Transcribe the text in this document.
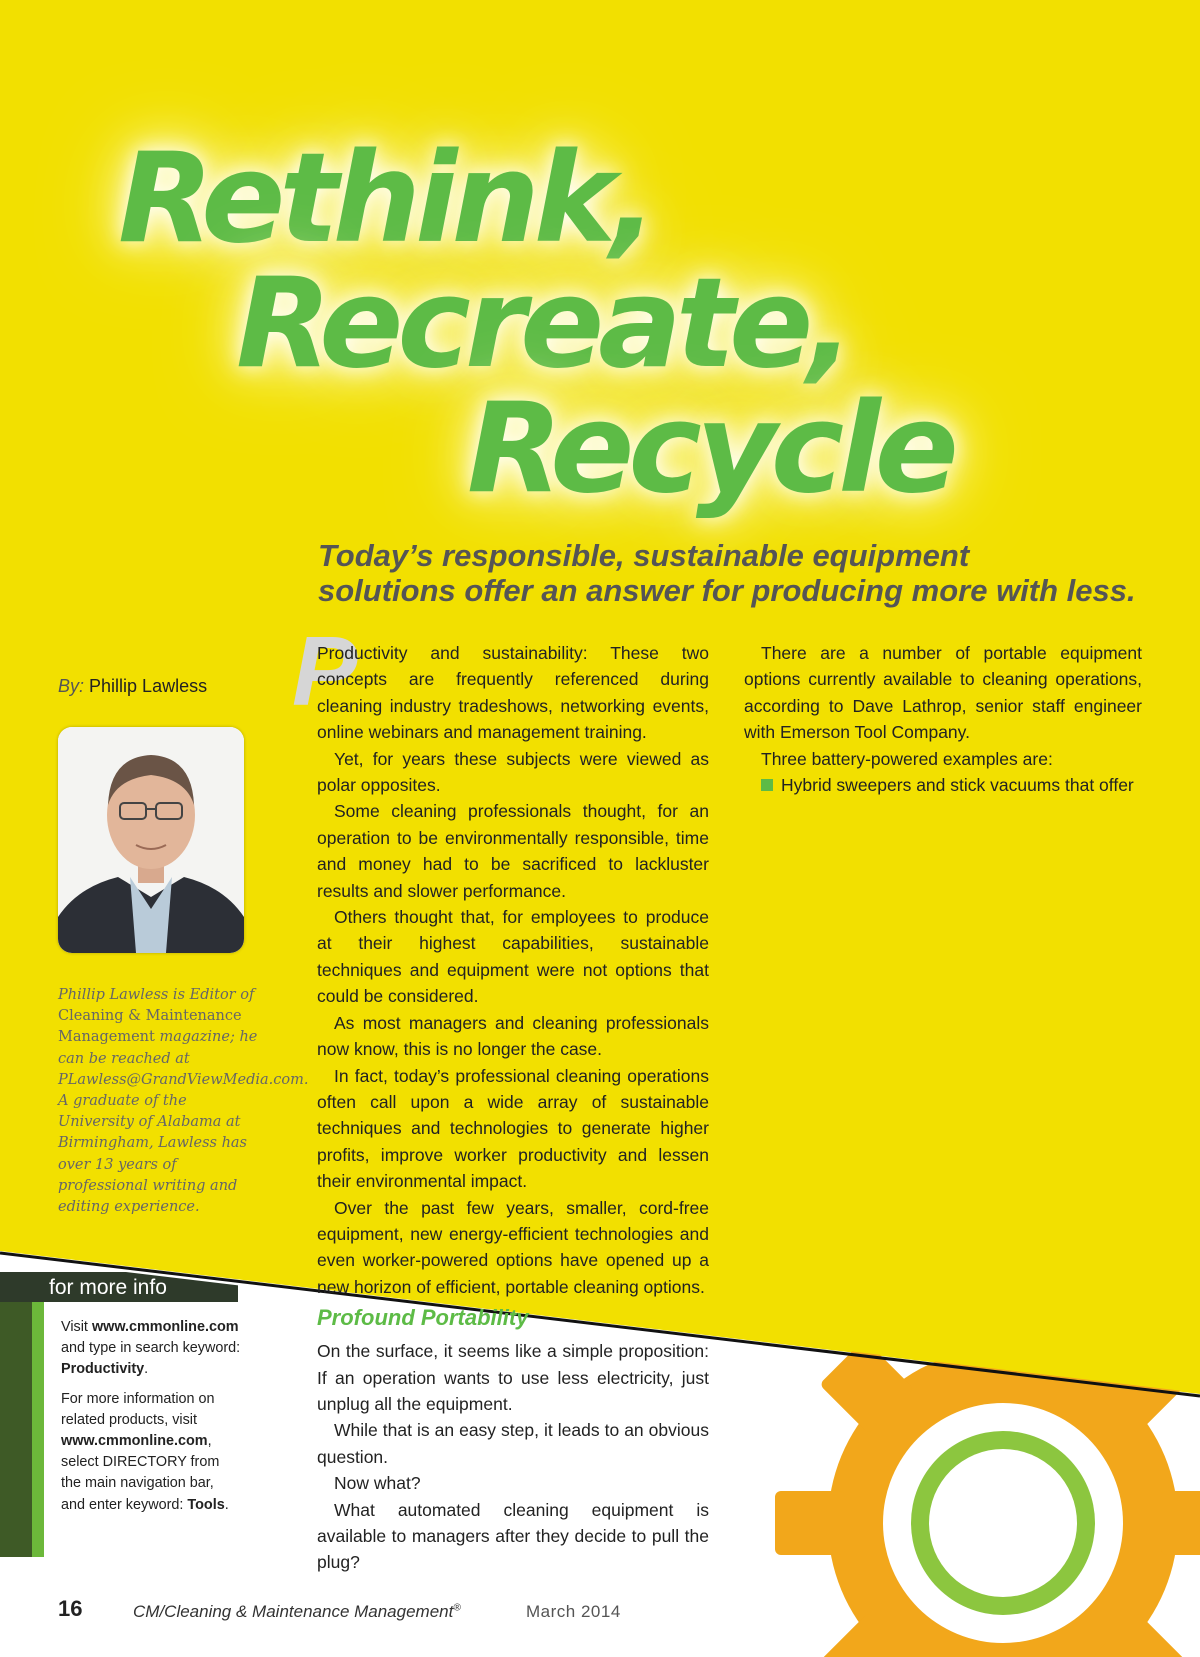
Rethink,
Recreate,
Recycle
Today’s responsible, sustainable equipment
solutions offer an answer for producing more with less.
By: Phillip Lawless

Phillip Lawless is Editor of Cleaning & Maintenance Management magazine; he can be reached at PLawless@GrandViewMedia.com. A graduate of the University of Alabama at Birmingham, Lawless has over 13 years of professional writing and editing experience.

P

Productivity and sustainability: These two concepts are frequently referenced during cleaning industry tradeshows, networking events, online webinars and management training.

Yet, for years these subjects were viewed as polar opposites.

Some cleaning professionals thought, for an operation to be environmentally responsible, time and money had to be sacrificed to lackluster results and slower performance.

Others thought that, for employees to produce at their highest capabilities, sustainable techniques and equipment were not options that could be considered.

As most managers and cleaning professionals now know, this is no longer the case.

In fact, today’s professional cleaning operations often call upon a wide array of sustainable techniques and technologies to generate higher profits, improve worker productivity and lessen their environmental impact.

Over the past few years, smaller, cord-free equipment, new energy-efficient technologies and even worker-powered options have opened up a new horizon of efficient, portable cleaning options.

Profound Portability

On the surface, it seems like a simple proposition: If an operation wants to use less electricity, just unplug all the equipment.

While that is an easy step, it leads to an obvious question.

Now what?

What automated cleaning equipment is available to managers after they decide to pull the plug?

There are a number of portable equipment options currently available to cleaning operations, according to Dave Lathrop, senior staff engineer with Emerson Tool Company.

Three battery-powered examples are:

Hybrid sweepers and stick vacuums that offer
for more info

Visit www.cmmonline.com and type in search keyword: Productivity.

For more information on related products, visit www.cmmonline.com, select DIRECTORY from the main navigation bar, and enter keyword: Tools.

16	CM/Cleaning & Maintenance Management®	March 2014
